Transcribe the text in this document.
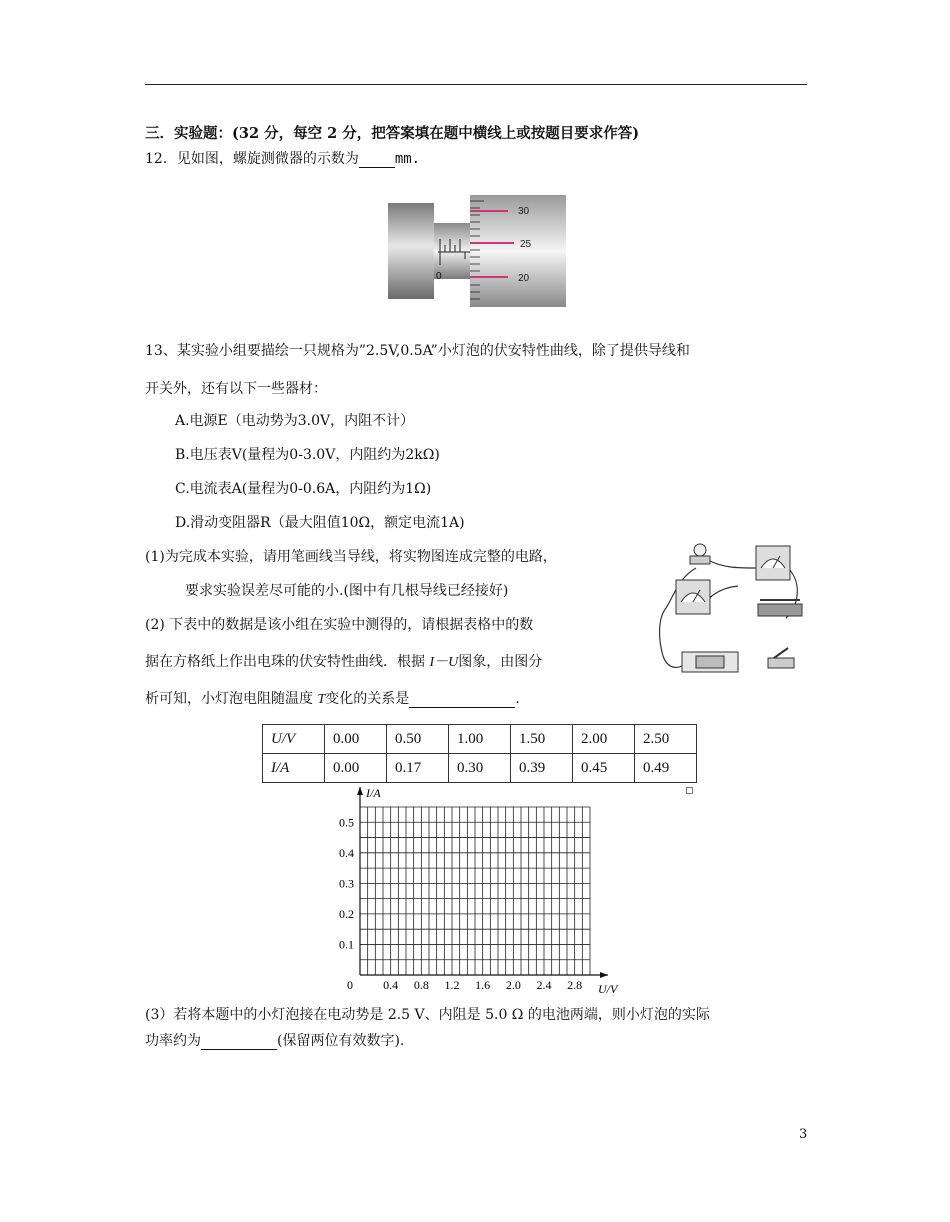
三．实验题：(32 分，每空 2 分，把答案填在题中横线上或按题目要求作答)
12．见如图，螺旋测微器的示数为	mm.
0
30
25
20
13、某实验小组要描绘一只规格为”2.5V,0.5A”小灯泡的伏安特性曲线，除了提供导线和
开关外，还有以下一些器材：
A.电源E（电动势为3.0V，内阻不计）
B.电压表V(量程为0-3.0V，内阻约为2kΩ)
C.电流表A(量程为0-0.6A，内阻约为1Ω)
D.滑动变阻器R（最大阻值10Ω，额定电流1A)
(1)为完成本实验，请用笔画线当导线，将实物图连成完整的电路，
要求实验误差尽可能的小.(图中有几根导线已经接好)
(2) 下表中的数据是该小组在实验中测得的，请根据表格中的数
据在方格纸上作出电珠的伏安特性曲线．根据 I－U图象，由图分
析可知，小灯泡电阻随温度 T变化的关系是	.
U/V	0.00	0.50	1.00	1.50	2.00	2.50
I/A	0.00	0.17	0.30	0.39	0.45	0.49
0.4 0.8 1.2 1.6 2.0 2.4 2.8
0.1
0.2
0.3
0.4
0.5
0	U/V
I/A
(3）若将本题中的小灯泡接在电动势是 2.5 V、内阻是 5.0 Ω 的电池两端，则小灯泡的实际
功率约为	(保留两位有效数字).
3
